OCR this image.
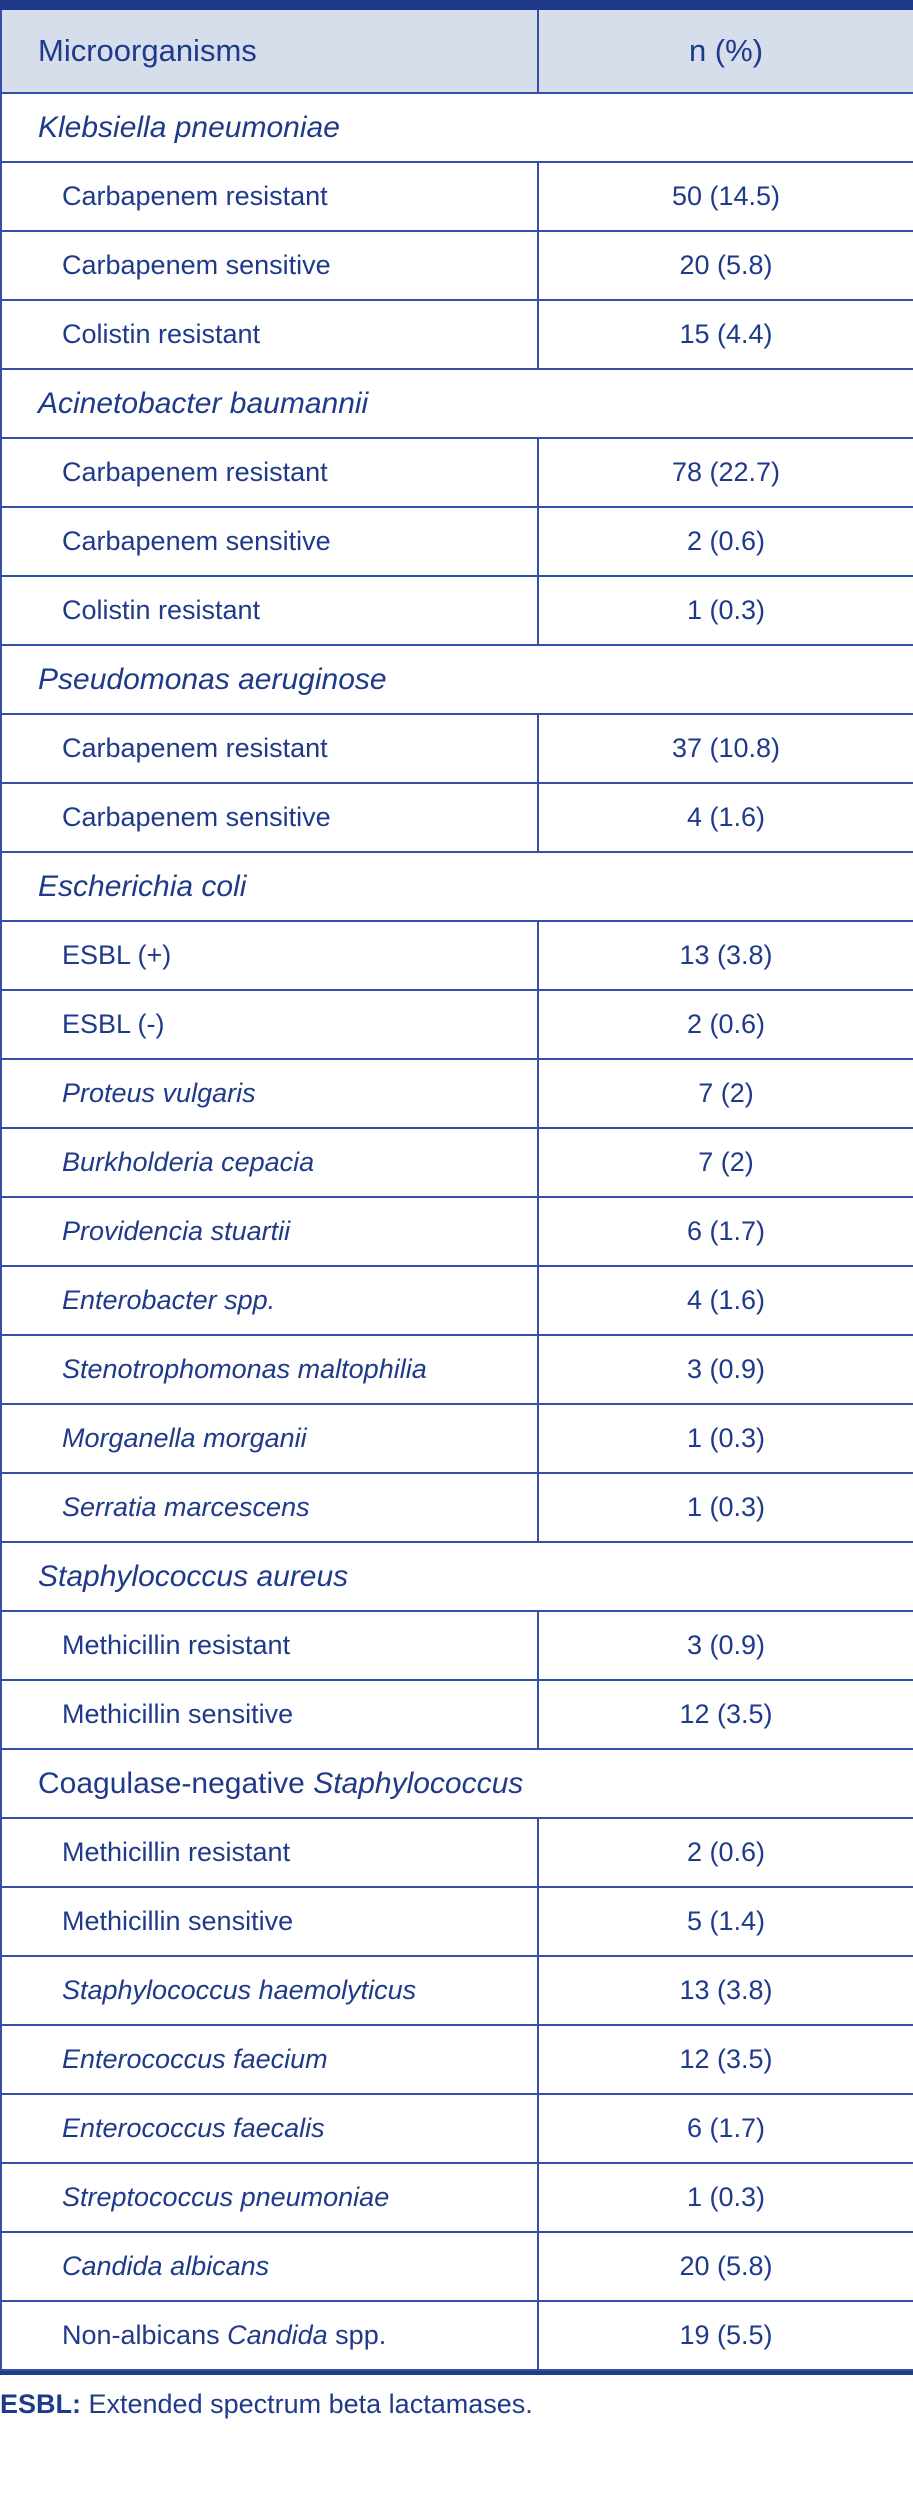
Microorganisms	n (%)
Klebsiella pneumoniae	
Carbapenem resistant	50 (14.5)
Carbapenem sensitive	20 (5.8)
Colistin resistant	15 (4.4)
Acinetobacter baumannii	
Carbapenem resistant	78 (22.7)
Carbapenem sensitive	2 (0.6)
Colistin resistant	1 (0.3)
Pseudomonas aeruginose	
Carbapenem resistant	37 (10.8)
Carbapenem sensitive	4 (1.6)
Escherichia coli	
ESBL (+)	13 (3.8)
ESBL (-)	2 (0.6)
Proteus vulgaris	7 (2)
Burkholderia cepacia	7 (2)
Providencia stuartii	6 (1.7)
Enterobacter spp.	4 (1.6)
Stenotrophomonas maltophilia	3 (0.9)
Morganella morganii	1 (0.3)
Serratia marcescens	1 (0.3)
Staphylococcus aureus	
Methicillin resistant	3 (0.9)
Methicillin sensitive	12 (3.5)
Coagulase-negative Staphylococcus	
Methicillin resistant	2 (0.6)
Methicillin sensitive	5 (1.4)
Staphylococcus haemolyticus	13 (3.8)
Enterococcus faecium	12 (3.5)
Enterococcus faecalis	6 (1.7)
Streptococcus pneumoniae	1 (0.3)
Candida albicans	20 (5.8)
Non-albicans Candida spp.	19 (5.5)
ESBL: Extended spectrum beta lactamases.
